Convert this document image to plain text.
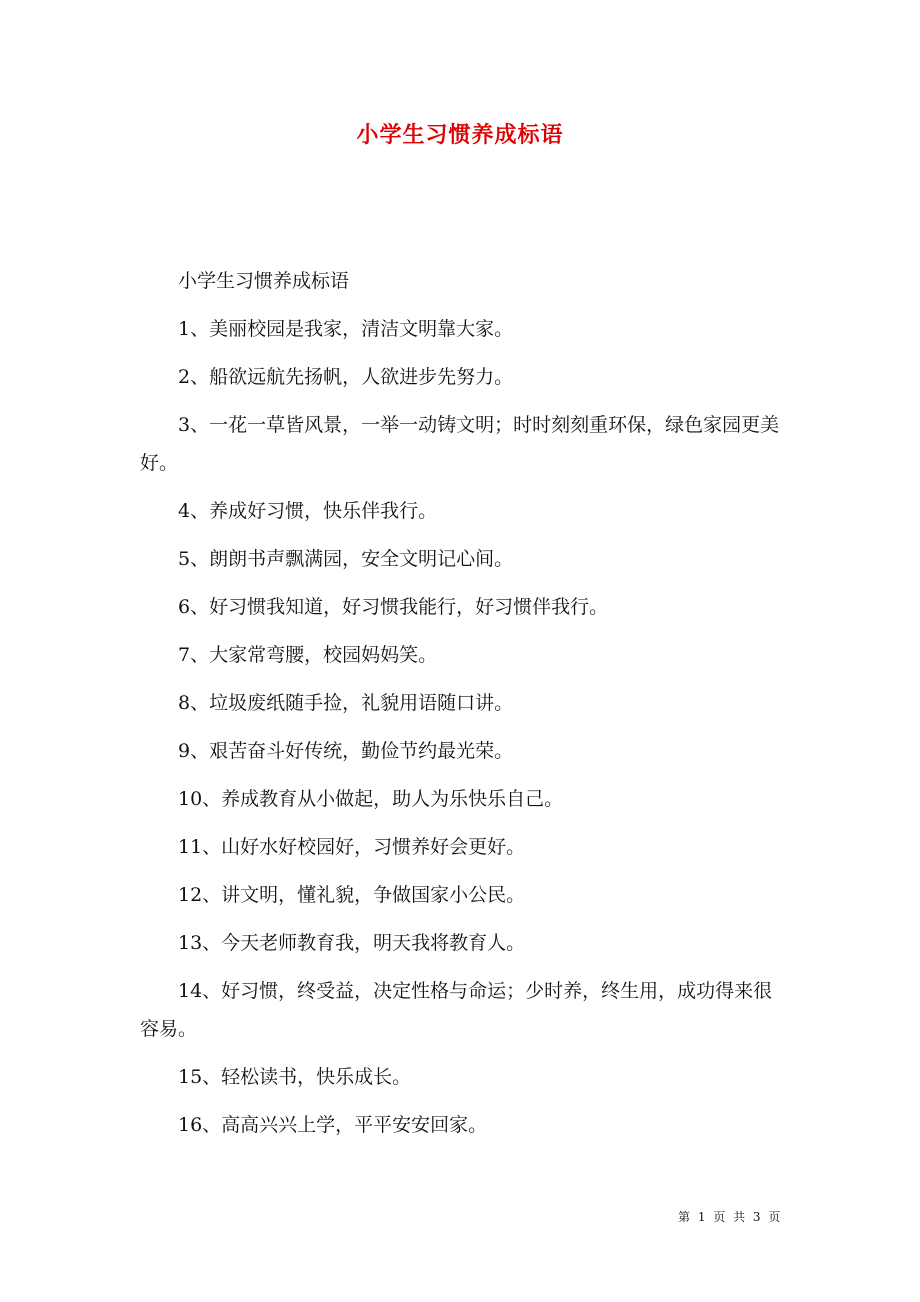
小学生习惯养成标语

小学生习惯养成标语

1、美丽校园是我家，清洁文明靠大家。

2、船欲远航先扬帆，人欲进步先努力。

3、一花一草皆风景，一举一动铸文明；时时刻刻重环保，绿色家园更美好。

4、养成好习惯，快乐伴我行。

5、朗朗书声飘满园，安全文明记心间。

6、好习惯我知道，好习惯我能行，好习惯伴我行。

7、大家常弯腰，校园妈妈笑。

8、垃圾废纸随手捡，礼貌用语随口讲。

9、艰苦奋斗好传统，勤俭节约最光荣。

10、养成教育从小做起，助人为乐快乐自己。

11、山好水好校园好，习惯养好会更好。

12、讲文明，懂礼貌，争做国家小公民。

13、今天老师教育我，明天我将教育人。

14、好习惯，终受益，决定性格与命运；少时养，终生用，成功得来很容易。

15、轻松读书，快乐成长。

16、高高兴兴上学，平平安安回家。

第 1 页 共 3 页
